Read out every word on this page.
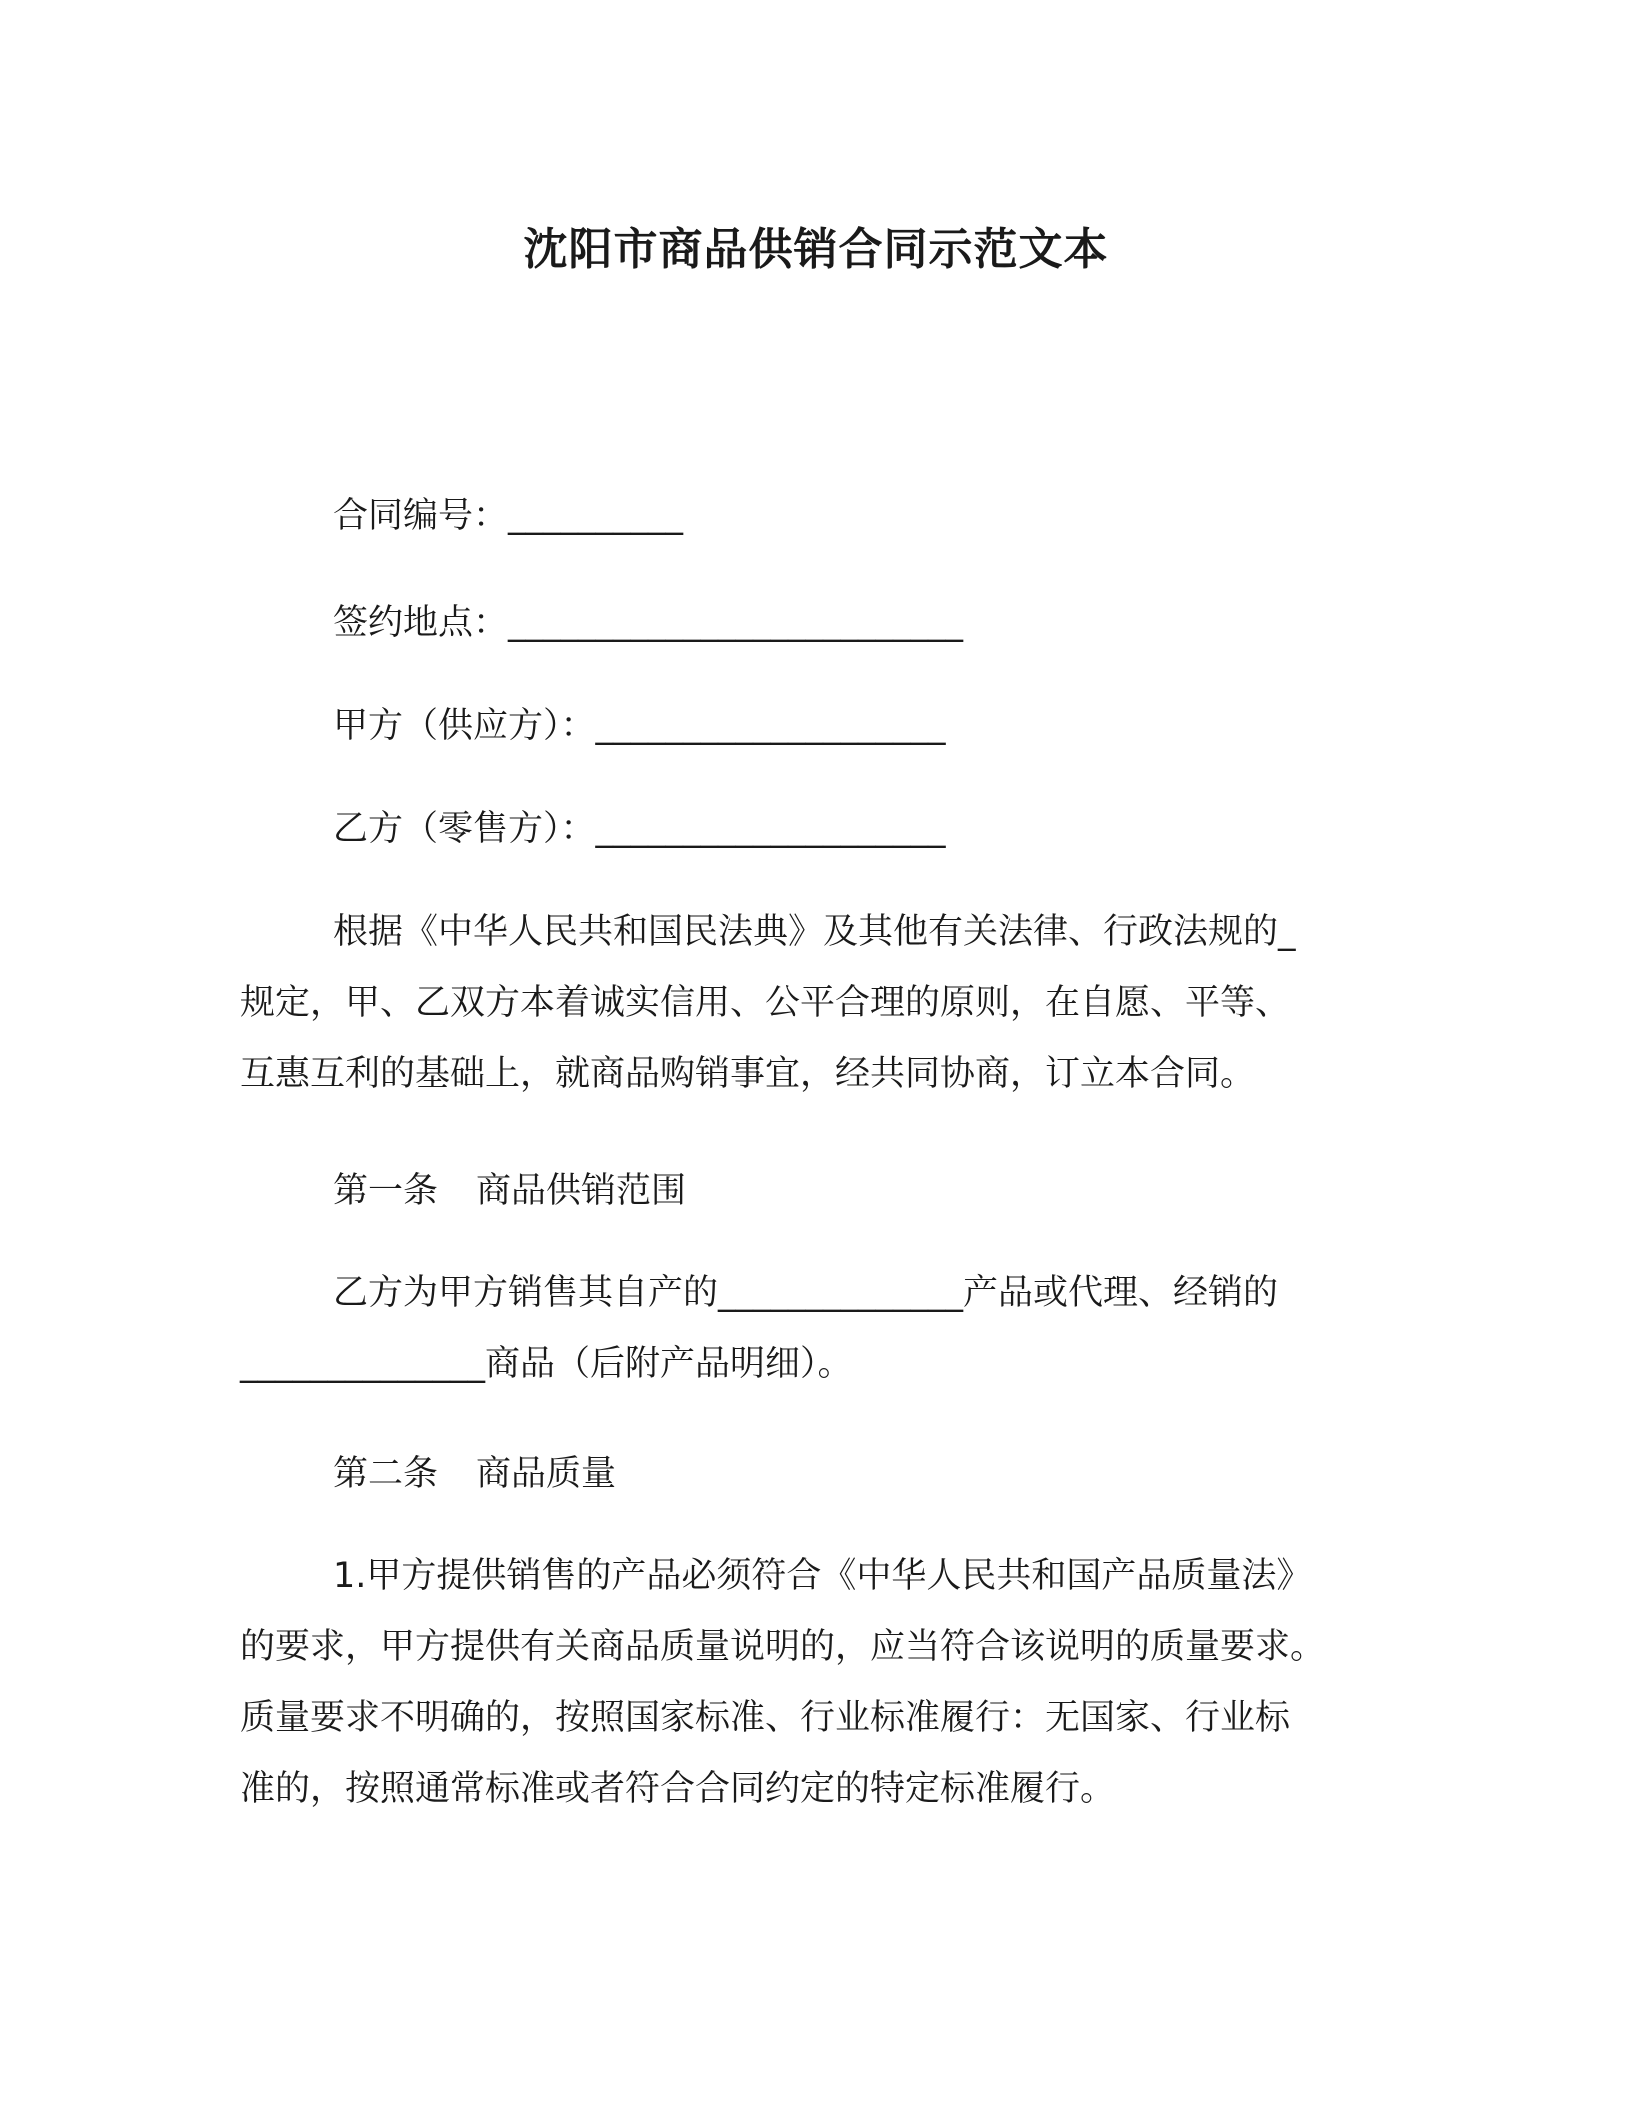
沈阳市商品供销合同示范文本
合同编号：__________
签约地点：__________________________
甲方（供应方）：____________________
乙方（零售方）：____________________
根据《中华人民共和国民法典》及其他有关法律、行政法规的_
规定，甲、乙双方本着诚实信用、公平合理的原则，在自愿、平等、
互惠互利的基础上，就商品购销事宜，经共同协商，订立本合同。
第一条 商品供销范围
乙方为甲方销售其自产的______________产品或代理、经销的
______________商品（后附产品明细）。
第二条 商品质量
1.甲方提供销售的产品必须符合《中华人民共和国产品质量法》
的要求，甲方提供有关商品质量说明的，应当符合该说明的质量要求。
质量要求不明确的，按照国家标准、行业标准履行：无国家、行业标
准的，按照通常标准或者符合合同约定的特定标准履行。
